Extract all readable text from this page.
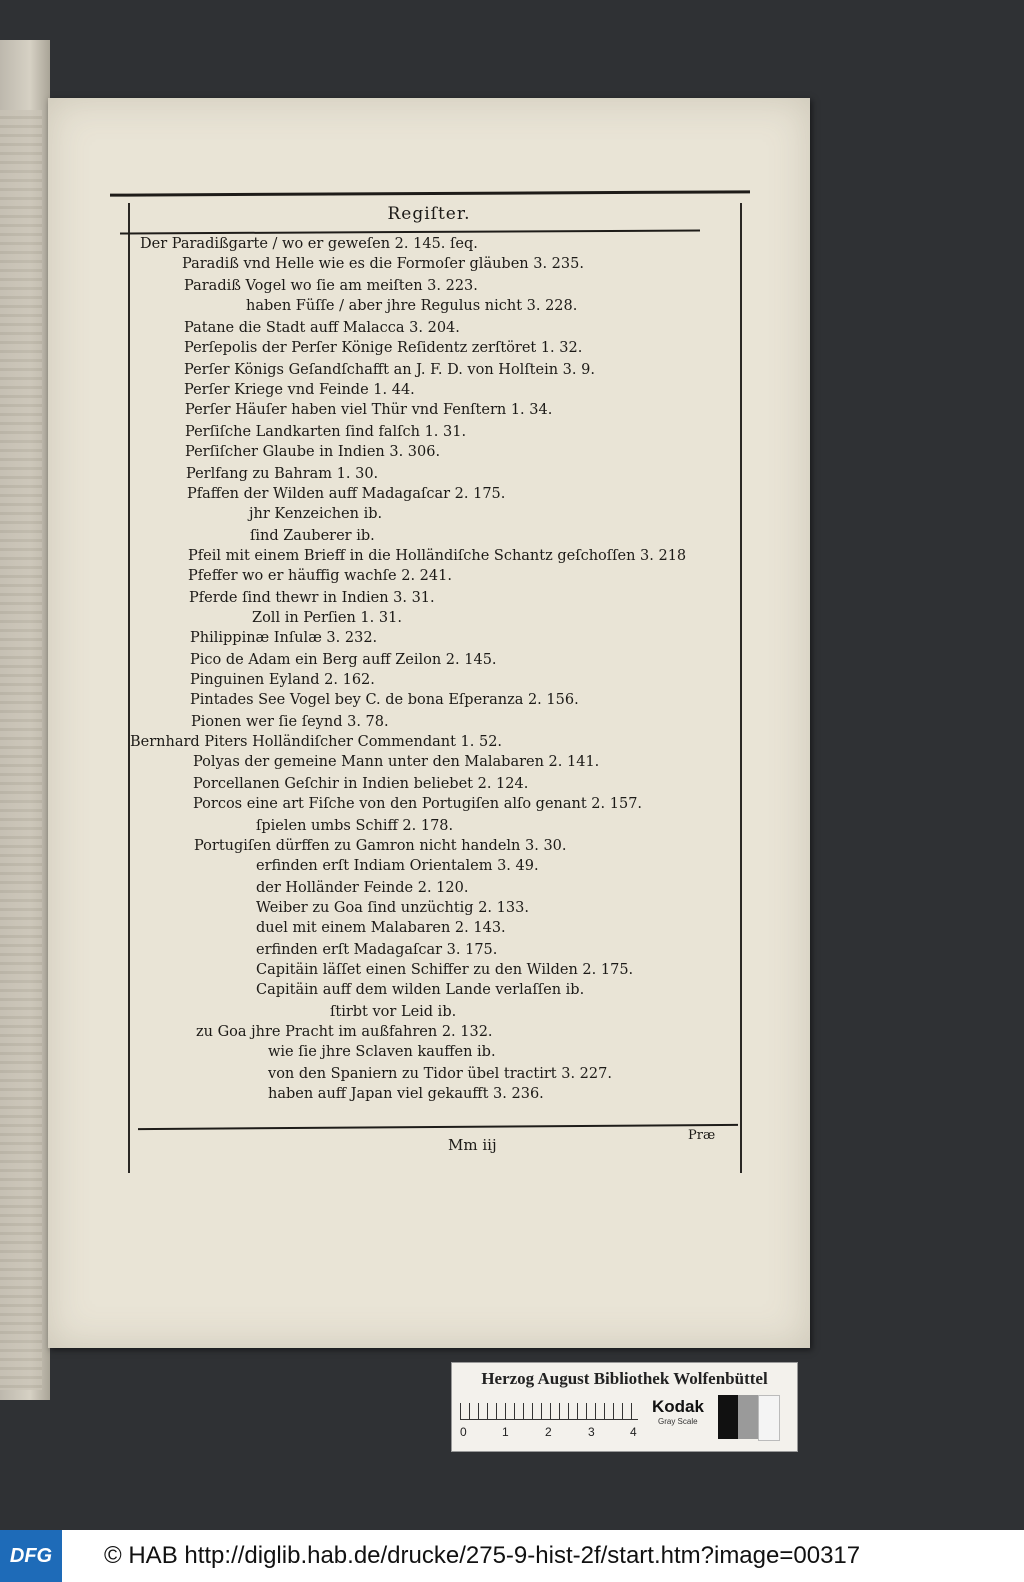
Regiſter.
Der Paradißgarte / wo er geweſen 2. 145. ſeq.
Paradiß vnd Helle wie es die Formoſer gläuben 3. 235.
Paradiß Vogel wo ſie am meiſten 3. 223.
haben Füſſe / aber jhre Regulus nicht 3. 228.
Patane die Stadt auff Malacca 3. 204.
Perſepolis der Perſer Könige Reſidentz zerſtöret 1. 32.
Perſer Königs Geſandſchafft an J. F. D. von Holſtein 3. 9.
Perſer Kriege vnd Feinde 1. 44.
Perſer Häuſer haben viel Thür vnd Fenſtern 1. 34.
Perſiſche Landkarten ſind falſch 1. 31.
Perſiſcher Glaube in Indien 3. 306.
Perlfang zu Bahram 1. 30.
Pfaffen der Wilden auff Madagaſcar 2. 175.
jhr Kenzeichen ib.
ſind Zauberer ib.
Pfeil mit einem Brieff in die Holländiſche Schantz geſchoſſen 3. 218
Pfeffer wo er häuffig wachſe 2. 241.
Pferde ſind thewr in Indien 3. 31.
Zoll in Perſien 1. 31.
Philippinæ Inſulæ 3. 232.
Pico de Adam ein Berg auff Zeilon 2. 145.
Pinguinen Eyland 2. 162.
Pintades See Vogel bey C. de bona Eſperanza 2. 156.
Pionen wer ſie ſeynd 3. 78.
Bernhard Piters Holländiſcher Commendant 1. 52.
Polyas der gemeine Mann unter den Malabaren 2. 141.
Porcellanen Geſchir in Indien beliebet 2. 124.
Porcos eine art Fiſche von den Portugiſen alſo genant 2. 157.
ſpielen umbs Schiff 2. 178.
Portugiſen dürffen zu Gamron nicht handeln 3. 30.
erfinden erſt Indiam Orientalem 3. 49.
der Holländer Feinde 2. 120.
Weiber zu Goa ſind unzüchtig 2. 133.
duel mit einem Malabaren 2. 143.
erfinden erſt Madagaſcar 3. 175.
Capitäin läſſet einen Schiffer zu den Wilden 2. 175.
Capitäin auff dem wilden Lande verlaſſen ib.
ſtirbt vor Leid ib.
zu Goa jhre Pracht im außfahren 2. 132.
wie ſie jhre Sclaven kauffen ib.
von den Spaniern zu Tidor übel tractirt 3. 227.
haben auff Japan viel gekaufft 3. 236.
Mm iij
Præ
Herzog August Bibliothek Wolfenbüttel
0	1	2	3	4
Kodak
Gray Scale
DFG	© HAB http://diglib.hab.de/drucke/275-9-hist-2f/start.htm?image=00317
